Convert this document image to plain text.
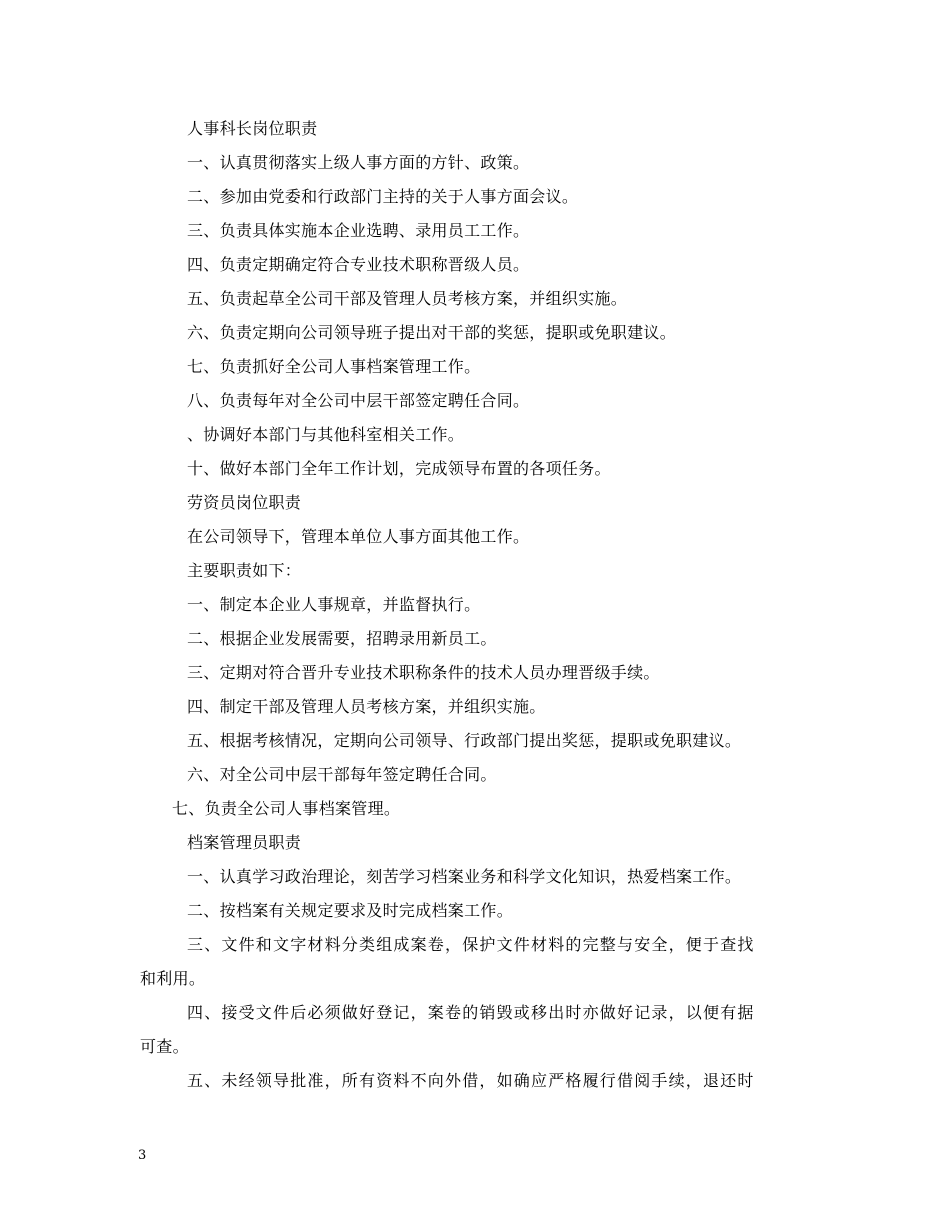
人事科长岗位职责
一、认真贯彻落实上级人事方面的方针、政策。
二、参加由党委和行政部门主持的关于人事方面会议。
三、负责具体实施本企业选聘、录用员工工作。
四、负责定期确定符合专业技术职称晋级人员。
五、负责起草全公司干部及管理人员考核方案，并组织实施。
六、负责定期向公司领导班子提出对干部的奖惩，提职或免职建议。
七、负责抓好全公司人事档案管理工作。
八、负责每年对全公司中层干部签定聘任合同。
、协调好本部门与其他科室相关工作。
十、做好本部门全年工作计划，完成领导布置的各项任务。
劳资员岗位职责
在公司领导下，管理本单位人事方面其他工作。
主要职责如下：
一、制定本企业人事规章，并监督执行。
二、根据企业发展需要，招聘录用新员工。
三、定期对符合晋升专业技术职称条件的技术人员办理晋级手续。
四、制定干部及管理人员考核方案，并组织实施。
五、根据考核情况，定期向公司领导、行政部门提出奖惩，提职或免职建议。
六、对全公司中层干部每年签定聘任合同。
七、负责全公司人事档案管理。
档案管理员职责
一、认真学习政治理论，刻苦学习档案业务和科学文化知识，热爱档案工作。
二、按档案有关规定要求及时完成档案工作。
三、文件和文字材料分类组成案卷，保护文件材料的完整与安全，便于查找
和利用。
四、接受文件后必须做好登记，案卷的销毁或移出时亦做好记录，以便有据
可查。
五、未经领导批准，所有资料不向外借，如确应严格履行借阅手续，退还时
3
